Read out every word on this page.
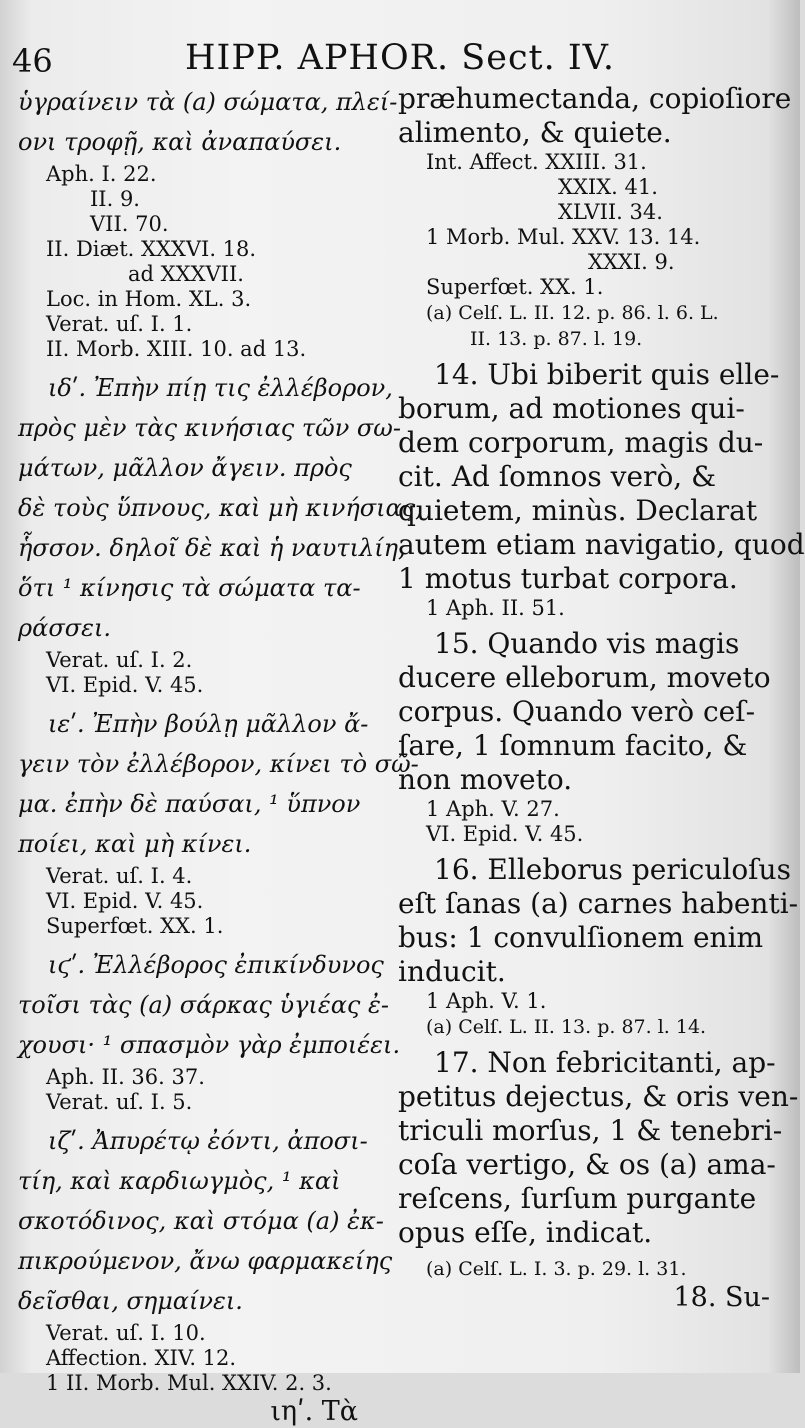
46	HIPP. APHOR. Sect. IV.
ὑγραίνειν τὰ (a) σώματα, πλεί-
ονι τροφῇ, καὶ ἀναπαύσει.
Aph. I. 22.
II. 9.
VII. 70.
II. Diæt. XXXVI. 18.
ad XXXVII.
Loc. in Hom. XL. 3.
Verat. uſ. I. 1.
II. Morb. XIII. 10. ad 13.
ιδʹ. Ἐπὴν πίῃ τις ἐλλέβορον,
πρὸς μὲν τὰς κινήσιας τῶν σω-
μάτων, μᾶλλον ἄγειν. πρὸς
δὲ τοὺς ὕπνους, καὶ μὴ κινήσιας,
ἧσσον. δηλοῖ δὲ καὶ ἡ ναυτιλίη,
ὅτι ¹ κίνησις τὰ σώματα τα-
ράσσει.
Verat. uſ. I. 2.
VI. Epid. V. 45.
ιεʹ. Ἐπὴν βούλῃ μᾶλλον ἄ-
γειν τὸν ἐλλέβορον, κίνει τὸ σῶ-
μα. ἐπὴν δὲ παύσαι, ¹ ὕπνον
ποίει, καὶ μὴ κίνει.
Verat. uſ. I. 4.
VI. Epid. V. 45.
Superfœt. XX. 1.
ιϛʹ. Ἐλλέβορος ἐπικίνδυνος
τοῖσι τὰς (a) σάρκας ὑγιέας ἐ-
χουσι· ¹ σπασμὸν γὰρ ἐμποιέει.
Aph. II. 36. 37.
Verat. uſ. I. 5.
ιζʹ. Ἀπυρέτῳ ἐόντι, ἀποσι-
τίη, καὶ καρδιωγμὸς, ¹ καὶ
σκοτόδινος, καὶ στόμα (a) ἐκ-
πικρούμενον, ἄνω φαρμακείης
δεῖσθαι, σημαίνει.
Verat. uſ. I. 10.
Affection. XIV. 12.
1 II. Morb. Mul. XXIV. 2. 3.
ιηʹ. Τὰ
præhumectanda, copioſiore
alimento, & quiete.
Int. Affect. XXIII. 31.
XXIX. 41.
XLVII. 34.
1 Morb. Mul. XXV. 13. 14.
XXXI. 9.
Superfœt. XX. 1.
(a) Celſ. L. II. 12. p. 86. l. 6. L.
II. 13. p. 87. l. 19.
14. Ubi biberit quis elle-
borum, ad motiones qui-
dem corporum, magis du-
cit. Ad ſomnos verò, &
quietem, minùs. Declarat
autem etiam navigatio, quod
1 motus turbat corpora.
1 Aph. II. 51.
15. Quando vis magis
ducere elleborum, moveto
corpus. Quando verò ceſ-
ſare, 1 ſomnum facito, &
non moveto.
1 Aph. V. 27.
VI. Epid. V. 45.
16. Elleborus periculoſus
eſt ſanas (a) carnes habenti-
bus: 1 convulſionem enim
inducit.
1 Aph. V. 1.
(a) Celſ. L. II. 13. p. 87. l. 14.
17. Non febricitanti, ap-
petitus dejectus, & oris ven-
triculi morſus, 1 & tenebri-
coſa vertigo, & os (a) ama-
reſcens, ſurſum purgante
opus eſſe, indicat.
(a) Celſ. L. I. 3. p. 29. l. 31.
18. Su-
